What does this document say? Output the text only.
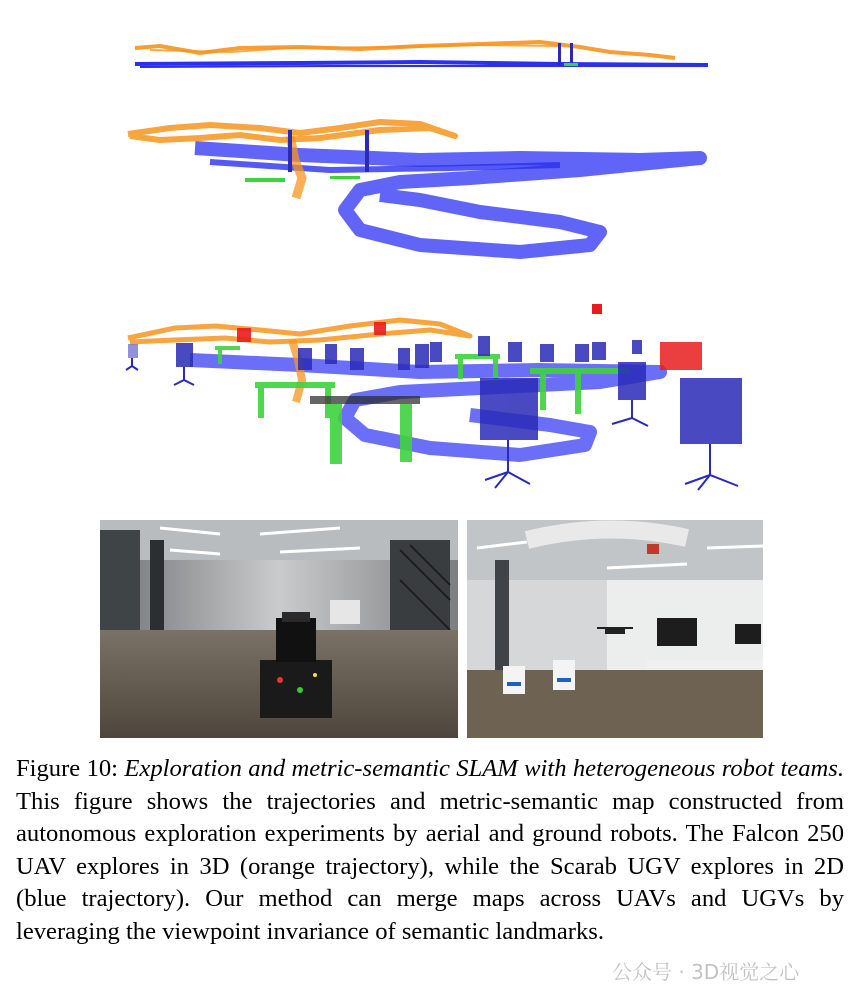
Figure 10: Exploration and metric-semantic SLAM with heterogeneous robot teams. This figure shows the trajectories and metric-semantic map constructed from autonomous exploration experiments by aerial and ground robots. The Falcon 250 UAV explores in 3D (orange trajectory), while the Scarab UGV explores in 2D (blue trajectory). Our method can merge maps across UAVs and UGVs by leveraging the viewpoint invariance of semantic landmarks.
公众号 · 3D视觉之心
